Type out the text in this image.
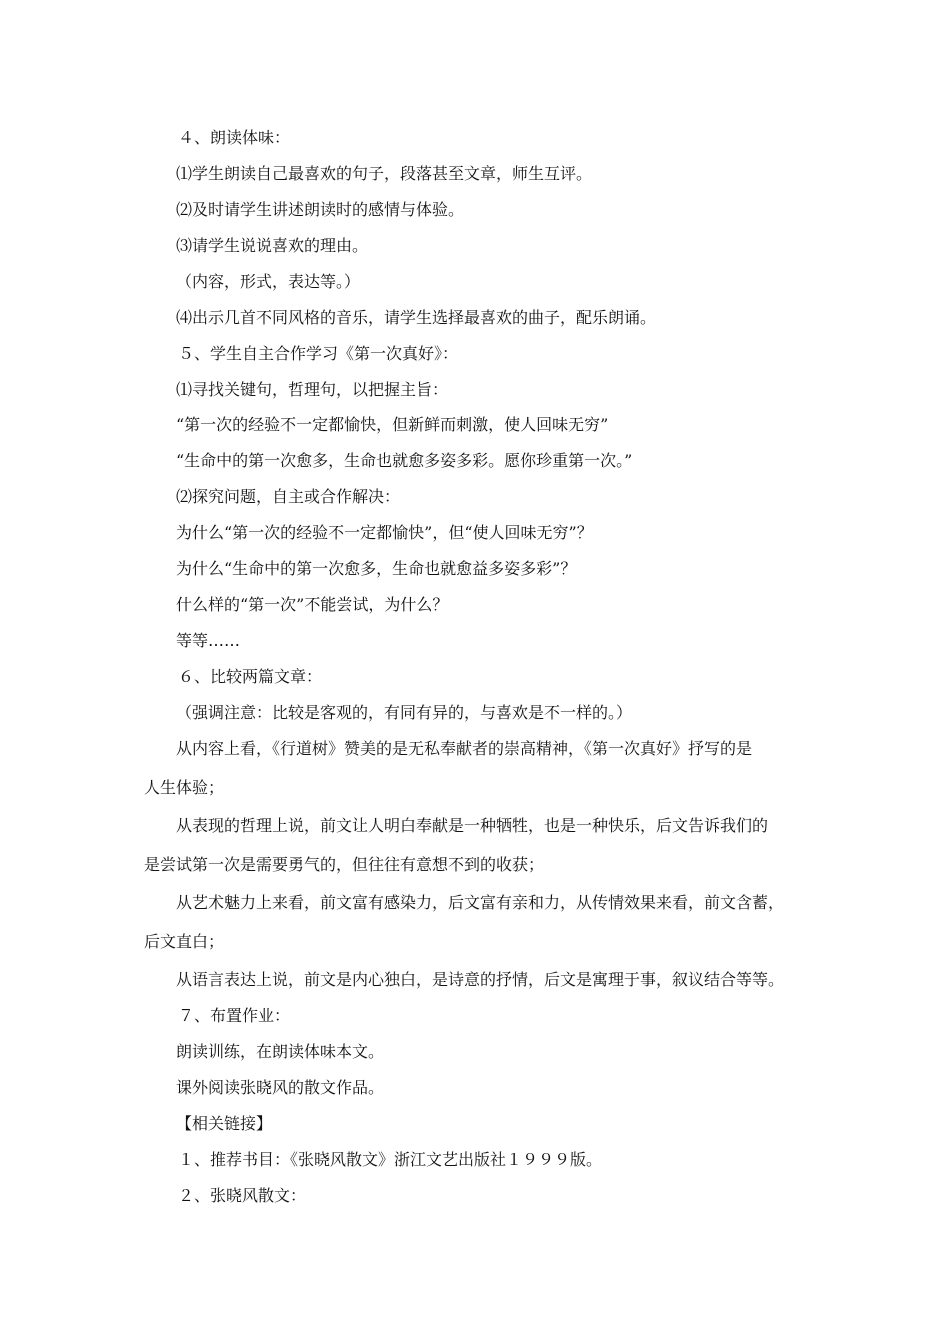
４、朗读体味：
⑴学生朗读自己最喜欢的句子，段落甚至文章，师生互评。
⑵及时请学生讲述朗读时的感情与体验。
⑶请学生说说喜欢的理由。
（内容，形式，表达等。）
⑷出示几首不同风格的音乐，请学生选择最喜欢的曲子，配乐朗诵。
５、学生自主合作学习《第一次真好》：
⑴寻找关键句，哲理句，以把握主旨：
“第一次的经验不一定都愉快，但新鲜而刺激，使人回味无穷”
“生命中的第一次愈多，生命也就愈多姿多彩。愿你珍重第一次。”
⑵探究问题，自主或合作解决：
为什么“第一次的经验不一定都愉快”，但“使人回味无穷”？
为什么“生命中的第一次愈多，生命也就愈益多姿多彩”？
什么样的“第一次”不能尝试，为什么？
等等……
６、比较两篇文章：
（强调注意：比较是客观的，有同有异的，与喜欢是不一样的。）
从内容上看，《行道树》赞美的是无私奉献者的崇高精神，《第一次真好》抒写的是
人生体验；
从表现的哲理上说，前文让人明白奉献是一种牺牲，也是一种快乐，后文告诉我们的
是尝试第一次是需要勇气的，但往往有意想不到的收获；
从艺术魅力上来看，前文富有感染力，后文富有亲和力，从传情效果来看，前文含蓄，
后文直白；
从语言表达上说，前文是内心独白，是诗意的抒情，后文是寓理于事，叙议结合等等。
７、布置作业：
朗读训练，在朗读体味本文。
课外阅读张晓风的散文作品。
【相关链接】
１、推荐书目：《张晓风散文》浙江文艺出版社１９９９版。
２、张晓风散文：
